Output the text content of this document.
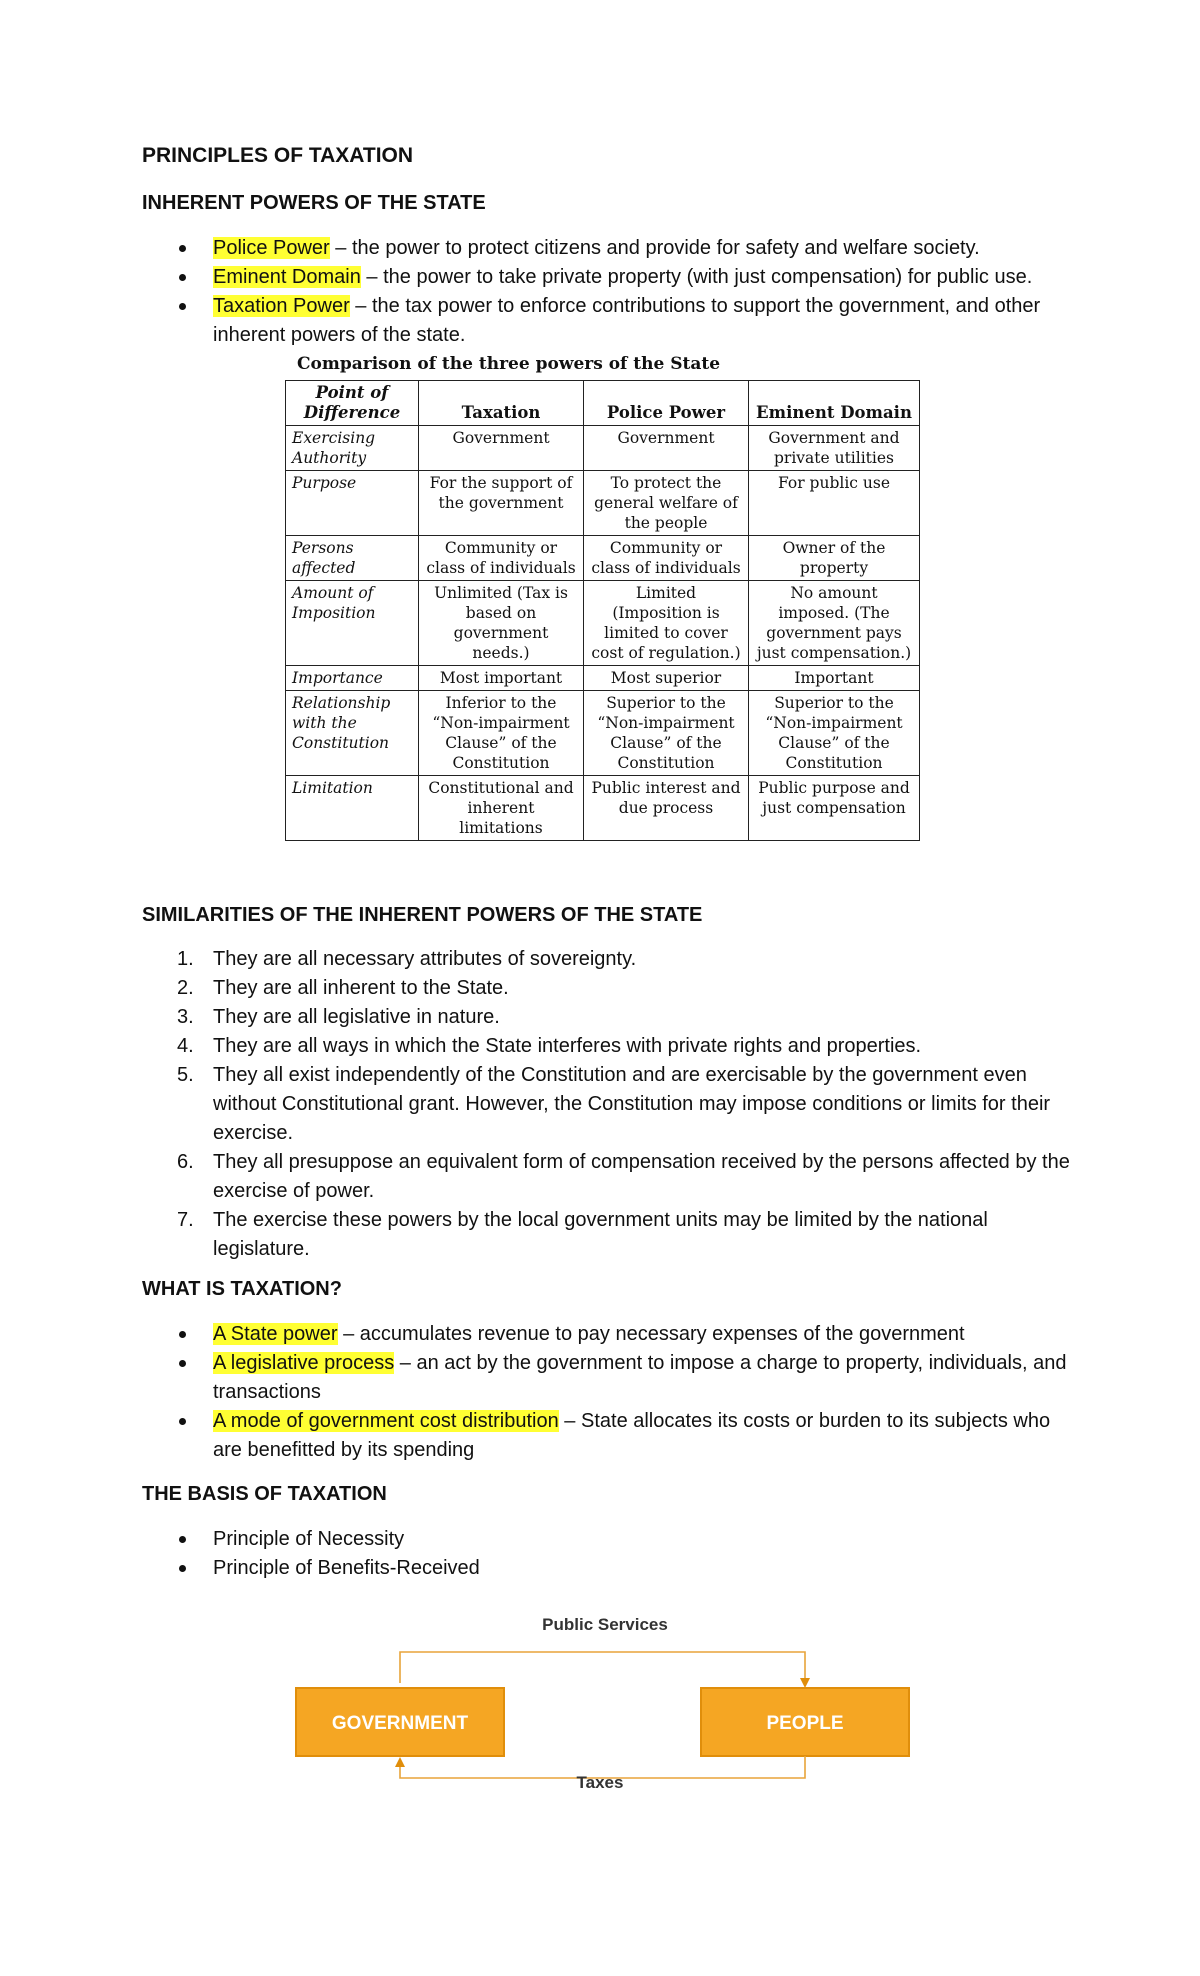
PRINCIPLES OF TAXATION
INHERENT POWERS OF THE STATE
Police Power – the power to protect citizens and provide for safety and welfare society.
Eminent Domain – the power to take private property (with just compensation) for public use.
Taxation Power – the tax power to enforce contributions to support the government, and other inherent powers of the state.
Comparison of the three powers of the State
Point of Difference	Taxation	Police Power	Eminent Domain
Exercising Authority	Government	Government	Government and private utilities
Purpose	For the support of the government	To protect the general welfare of the people	For public use
Persons affected	Community or class of individuals	Community or class of individuals	Owner of the property
Amount of Imposition	Unlimited (Tax is based on government needs.)	Limited (Imposition is limited to cover cost of regulation.)	No amount imposed. (The government pays just compensation.)
Importance	Most important	Most superior	Important
Relationship with the Constitution	Inferior to the “Non-impairment Clause” of the Constitution	Superior to the “Non-impairment Clause” of the Constitution	Superior to the “Non-impairment Clause” of the Constitution
Limitation	Constitutional and inherent limitations	Public interest and due process	Public purpose and just compensation
SIMILARITIES OF THE INHERENT POWERS OF THE STATE
1. They are all necessary attributes of sovereignty.
2. They are all inherent to the State.
3. They are all legislative in nature.
4. They are all ways in which the State interferes with private rights and properties.
5. They all exist independently of the Constitution and are exercisable by the government even without Constitutional grant. However, the Constitution may impose conditions or limits for their exercise.
6. They all presuppose an equivalent form of compensation received by the persons affected by the exercise of power.
7. The exercise these powers by the local government units may be limited by the national legislature.
WHAT IS TAXATION?
A State power – accumulates revenue to pay necessary expenses of the government
A legislative process – an act by the government to impose a charge to property, individuals, and transactions
A mode of government cost distribution – State allocates its costs or burden to its subjects who are benefitted by its spending
THE BASIS OF TAXATION
Principle of Necessity
Principle of Benefits-Received
Public Services
GOVERNMENT	PEOPLE
Taxes
